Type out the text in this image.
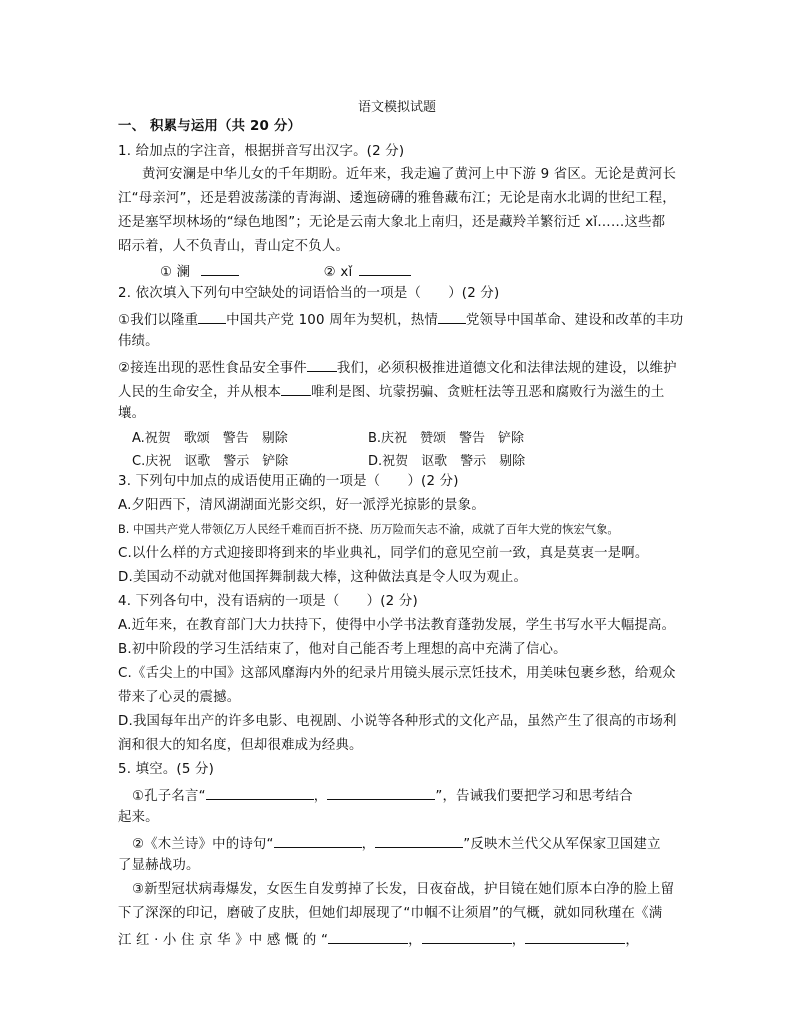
语文模拟试题
一、 积累与运用（共 20 分）
1. 给加点的字注音，根据拼音写出汉字。(2 分)
黄河安澜是中华儿女的千年期盼。近年来，我走遍了黄河上中下游 9 省区。无论是黄河长
江“母亲河”，还是碧波荡漾的青海湖、逶迤磅礴的雅鲁藏布江；无论是南水北调的世纪工程，
还是塞罕坝林场的“绿色地图”；无论是云南大象北上南归，还是藏羚羊繁衍迁 xǐ……这些都
昭示着，人不负青山，青山定不负人。
① 澜	② xǐ
2. 依次填入下列句中空缺处的词语恰当的一项是（　　）(2 分)
①我们以隆重 中国共产党 100 周年为契机，热情 党领导中国革命、建设和改革的丰功
伟绩。
②接连出现的恶性食品安全事件 我们，必须积极推进道德文化和法律法规的建设，以维护
人民的生命安全，并从根本 唯利是图、坑蒙拐骗、贪赃枉法等丑恶和腐败行为滋生的土
壤。
A.祝贺　歌颂　警告　剔除	B.庆祝　赞颂　警告　铲除
C.庆祝　讴歌　警示　铲除	D.祝贺　讴歌　警示　剔除
3. 下列句中加点的成语使用正确的一项是（　　）(2 分)
A.夕阳西下，清风湖湖面光影交织，好一派浮光掠影的景象。
B. 中国共产党人带领亿万人民经千难而百折不挠、历万险而矢志不渝，成就了百年大党的恢宏气象。
C.以什么样的方式迎接即将到来的毕业典礼，同学们的意见空前一致，真是莫衷一是啊。
D.美国动不动就对他国挥舞制裁大棒，这种做法真是令人叹为观止。
4. 下列各句中，没有语病的一项是（　　）(2 分)
A.近年来，在教育部门大力扶持下，使得中小学书法教育蓬勃发展，学生书写水平大幅提高。
B.初中阶段的学习生活结束了，他对自己能否考上理想的高中充满了信心。
C.《舌尖上的中国》这部风靡海内外的纪录片用镜头展示烹饪技术，用美味包裹乡愁，给观众
带来了心灵的震撼。
D.我国每年出产的许多电影、电视剧、小说等各种形式的文化产品，虽然产生了很高的市场利
润和很大的知名度，但却很难成为经典。
5. 填空。(5 分)
①孔子名言“	，	”，告诫我们要把学习和思考结合
起来。
②《木兰诗》中的诗句“	，	”反映木兰代父从军保家卫国建立
了显赫战功。
③新型冠状病毒爆发，女医生自发剪掉了长发，日夜奋战，护目镜在她们原本白净的脸上留
下了深深的印记，磨破了皮肤，但她们却展现了“巾帼不让须眉”的气概，就如同秋瑾在《满
江 红 · 小 住 京 华 》中 感 慨 的 “	，	，	，
